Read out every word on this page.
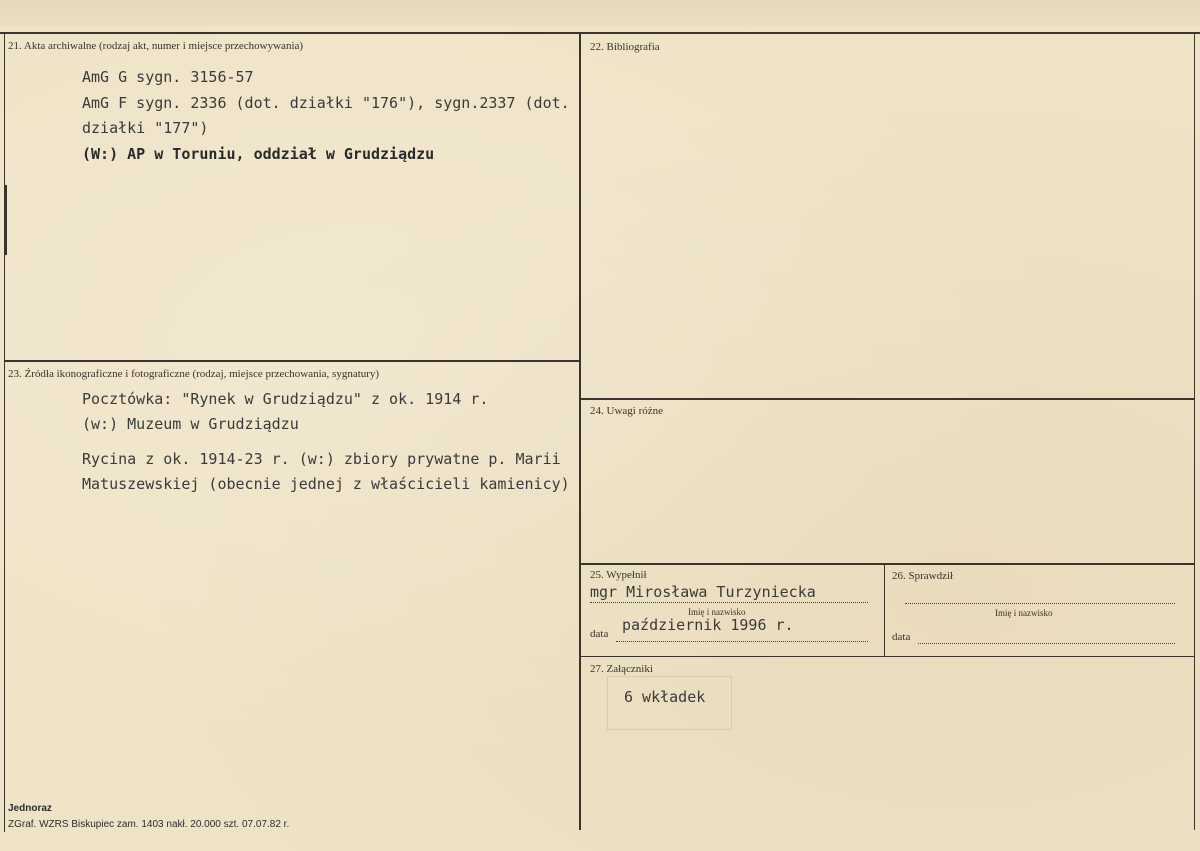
21. Akta archiwalne (rodzaj akt, numer i miejsce przechowywania)
AmG G sygn. 3156-57
AmG F sygn. 2336 (dot. działki "176"), sygn.2337 (dot.
działki "177")
(W:) AP w Toruniu, oddział w Grudziądzu
22. Bibliografia
23. Źródła ikonograficzne i fotograficzne (rodzaj, miejsce przechowania, sygnatury)
Pocztówka: "Rynek w Grudziądzu" z ok. 1914 r.
(w:) Muzeum w Grudziądzu
Rycina z ok. 1914-23 r. (w:) zbiory prywatne p. Marii
Matuszewskiej (obecnie jednej z właścicieli kamienicy)
24. Uwagi różne
25. Wypełnił
mgr Mirosława Turzyniecka
Imię i nazwisko
data październik 1996 r.
26. Sprawdził
Imię i nazwisko
data
27. Załączniki
6 wkładek
Jednoraz
ZGraf. WZRS Biskupiec zam. 1403 nakł. 20.000 szt. 07.07.82 r.
